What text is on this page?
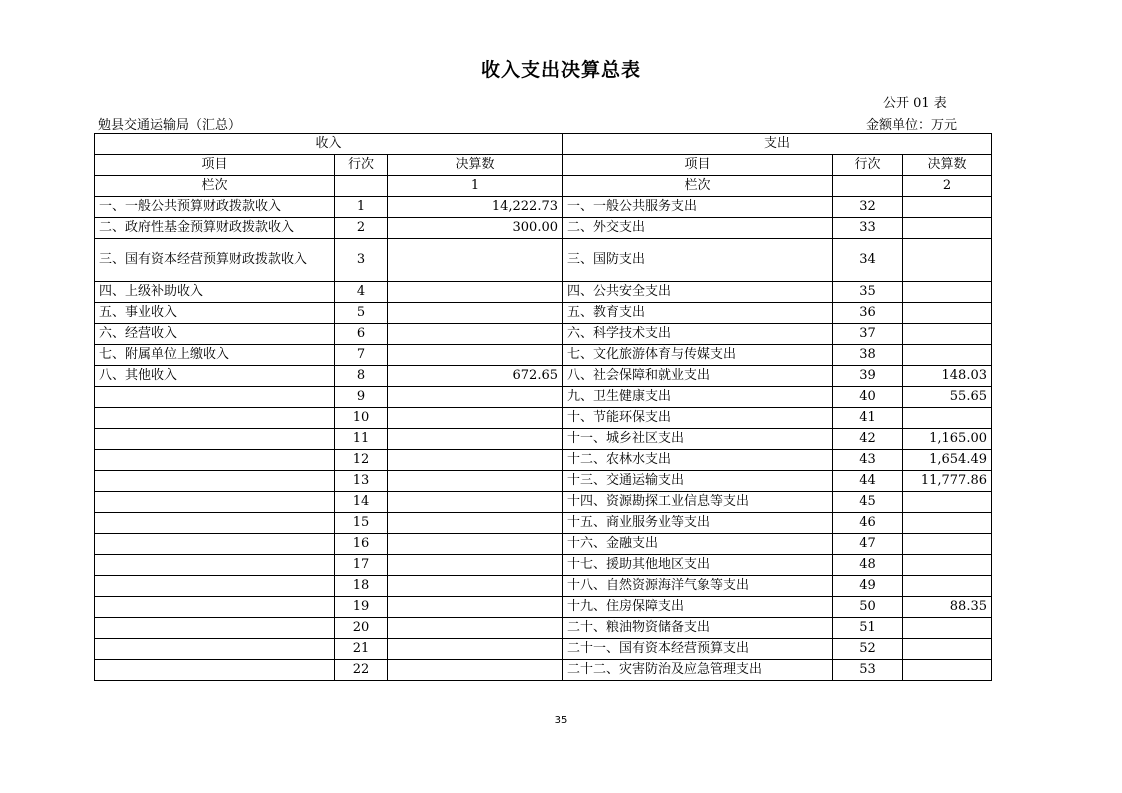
收入支出决算总表
公开 01 表
勉县交通运输局（汇总）	金额单位：万元
收入			支出		
项目	行次	决算数	项目	行次	决算数
栏次		1	栏次		2
一、一般公共预算财政拨款收入	1	14,222.73	一、一般公共服务支出	32	
二、政府性基金预算财政拨款收入	2	300.00	二、外交支出	33	
三、国有资本经营预算财政拨款收入	3		三、国防支出	34	
四、上级补助收入	4		四、公共安全支出	35	
五、事业收入	5		五、教育支出	36	
六、经营收入	6		六、科学技术支出	37	
七、附属单位上缴收入	7		七、文化旅游体育与传媒支出	38	
八、其他收入	8	672.65	八、社会保障和就业支出	39	148.03
	9		九、卫生健康支出	40	55.65
	10		十、节能环保支出	41	
	11		十一、城乡社区支出	42	1,165.00
	12		十二、农林水支出	43	1,654.49
	13		十三、交通运输支出	44	11,777.86
	14		十四、资源勘探工业信息等支出	45	
	15		十五、商业服务业等支出	46	
	16		十六、金融支出	47	
	17		十七、援助其他地区支出	48	
	18		十八、自然资源海洋气象等支出	49	
	19		十九、住房保障支出	50	88.35
	20		二十、粮油物资储备支出	51	
	21		二十一、国有资本经营预算支出	52	
	22		二十二、灾害防治及应急管理支出	53	
35
